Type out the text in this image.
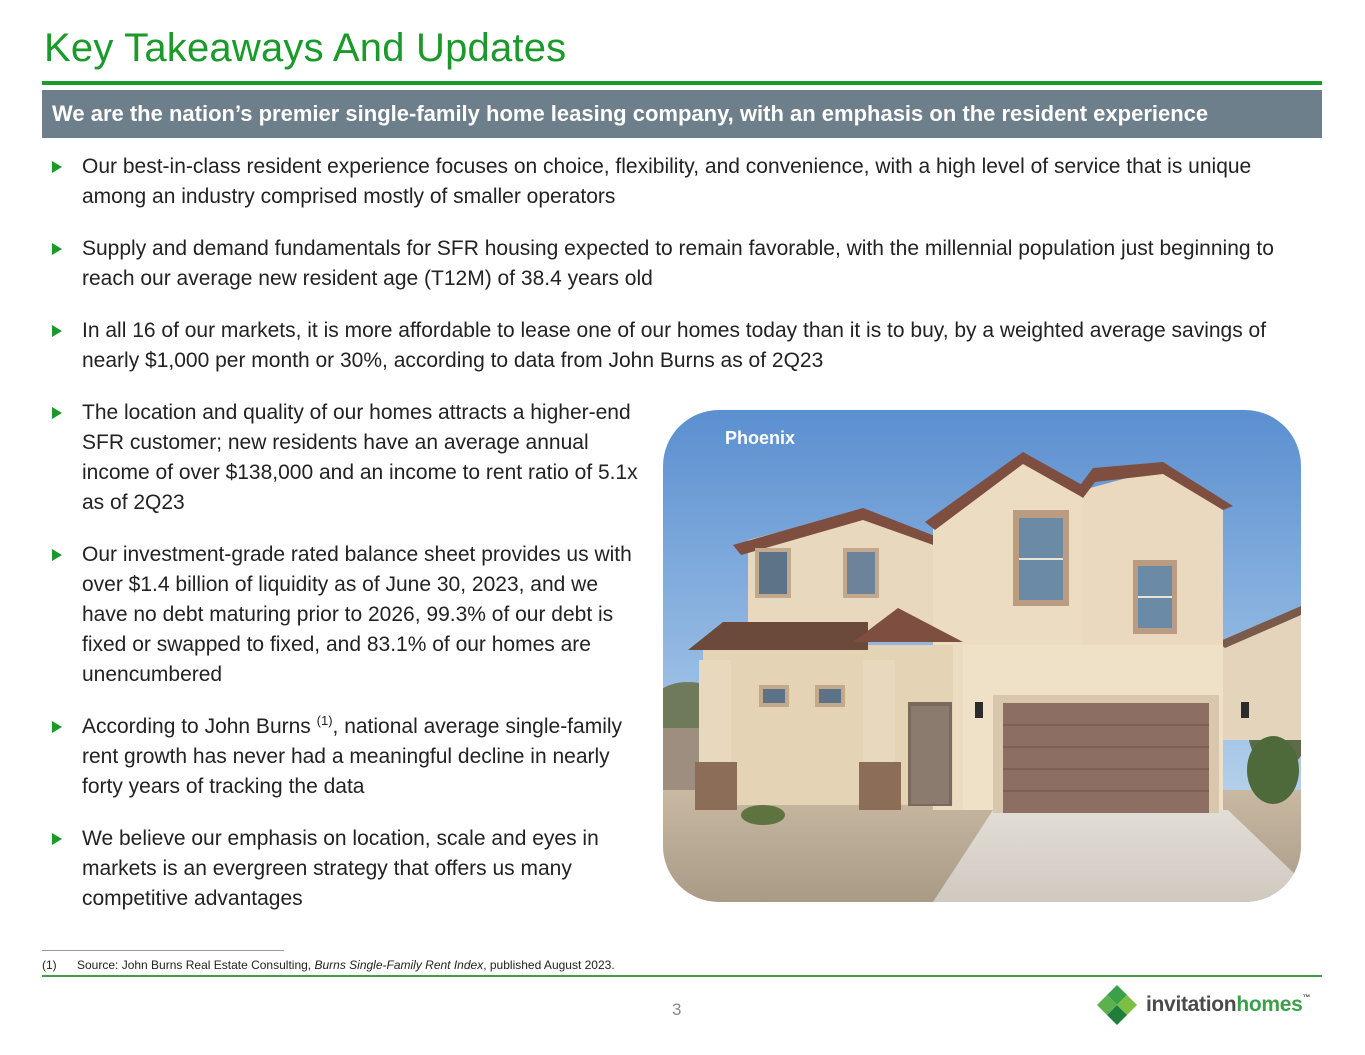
Key Takeaways And Updates
We are the nation’s premier single-family home leasing company, with an emphasis on the resident experience
Our best-in-class resident experience focuses on choice, flexibility, and convenience, with a high level of service that is unique among an industry comprised mostly of smaller operators
Supply and demand fundamentals for SFR housing expected to remain favorable, with the millennial population just beginning to reach our average new resident age (T12M) of 38.4 years old
In all 16 of our markets, it is more affordable to lease one of our homes today than it is to buy, by a weighted average savings of nearly $1,000 per month or 30%, according to data from John Burns as of 2Q23
The location and quality of our homes attracts a higher-end SFR customer; new residents have an average annual income of over $138,000 and an income to rent ratio of 5.1x as of 2Q23
Our investment-grade rated balance sheet provides us with over $1.4 billion of liquidity as of June 30, 2023, and we have no debt maturing prior to 2026, 99.3% of our debt is fixed or swapped to fixed, and 83.1% of our homes are unencumbered
According to John Burns $^{(1)}$, national average single-family rent growth has never had a meaningful decline in nearly forty years of tracking the data
We believe our emphasis on location, scale and eyes in markets is an evergreen strategy that offers us many competitive advantages
Phoenix
(1) Source: John Burns Real Estate Consulting, Burns Single-Family Rent Index, published August 2023.
3	invitationhomes™
